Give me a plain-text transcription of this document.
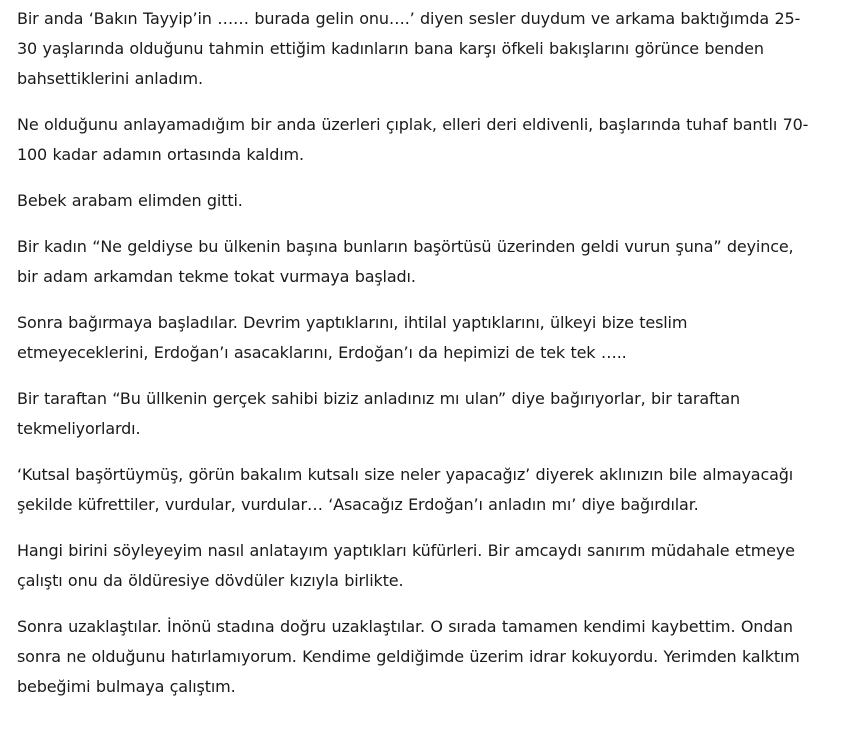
Bir anda ‘Bakın Tayyip’in …… burada gelin onu….’ diyen sesler duydum ve arkama baktığımda 25-30 yaşlarında olduğunu tahmin ettiğim kadınların bana karşı öfkeli bakışlarını görünce benden bahsettiklerini anladım.

Ne olduğunu anlayamadığım bir anda üzerleri çıplak, elleri deri eldivenli, başlarında tuhaf bantlı 70-100 kadar adamın ortasında kaldım.

Bebek arabam elimden gitti.

Bir kadın “Ne geldiyse bu ülkenin başına bunların başörtüsü üzerinden geldi vurun şuna” deyince, bir adam arkamdan tekme tokat vurmaya başladı.

Sonra bağırmaya başladılar. Devrim yaptıklarını, ihtilal yaptıklarını, ülkeyi bize teslim etmeyeceklerini, Erdoğan’ı asacaklarını, Erdoğan’ı da hepimizi de tek tek …..

Bir taraftan “Bu üllkenin gerçek sahibi biziz anladınız mı ulan” diye bağırıyorlar, bir taraftan tekmeliyorlardı.

‘Kutsal başörtüymüş, görün bakalım kutsalı size neler yapacağız’ diyerek aklınızın bile almayacağı şekilde küfrettiler, vurdular, vurdular… ‘Asacağız Erdoğan’ı anladın mı’ diye bağırdılar.

Hangi birini söyleyeyim nasıl anlatayım yaptıkları küfürleri. Bir amcaydı sanırım müdahale etmeye çalıştı onu da öldüresiye dövdüler kızıyla birlikte.

Sonra uzaklaştılar. İnönü stadına doğru uzaklaştılar. O sırada tamamen kendimi kaybettim. Ondan sonra ne olduğunu hatırlamıyorum. Kendime geldiğimde üzerim idrar kokuyordu. Yerimden kalktım bebeğimi bulmaya çalıştım.
